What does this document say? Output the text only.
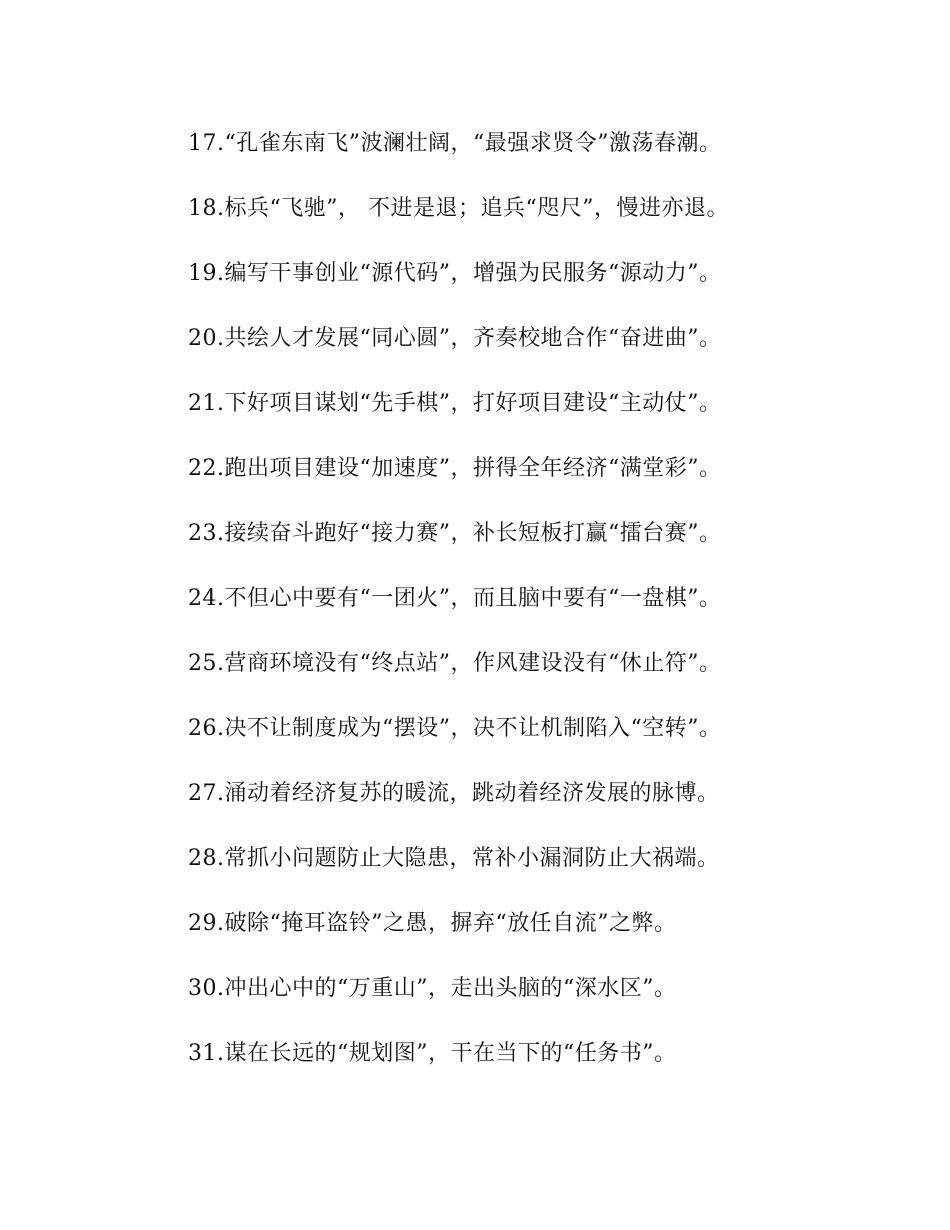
17.“孔雀东南飞”波澜壮阔，“最强求贤令”激荡春潮。
18.标兵“飞驰”， 不进是退；追兵“咫尺”，慢进亦退。
19.编写干事创业“源代码”，增强为民服务“源动力”。
20.共绘人才发展“同心圆”，齐奏校地合作“奋进曲”。
21.下好项目谋划“先手棋”，打好项目建设“主动仗”。
22.跑出项目建设“加速度”，拼得全年经济“满堂彩”。
23.接续奋斗跑好“接力赛”，补长短板打赢“擂台赛”。
24.不但心中要有“一团火”，而且脑中要有“一盘棋”。
25.营商环境没有“终点站”，作风建设没有“休止符”。
26.决不让制度成为“摆设”，决不让机制陷入“空转”。
27.涌动着经济复苏的暖流，跳动着经济发展的脉博。
28.常抓小问题防止大隐患，常补小漏洞防止大祸端。
29.破除“掩耳盗铃”之愚，摒弃“放任自流”之弊。
30.冲出心中的“万重山”，走出头脑的“深水区”。
31.谋在长远的“规划图”，干在当下的“任务书”。
